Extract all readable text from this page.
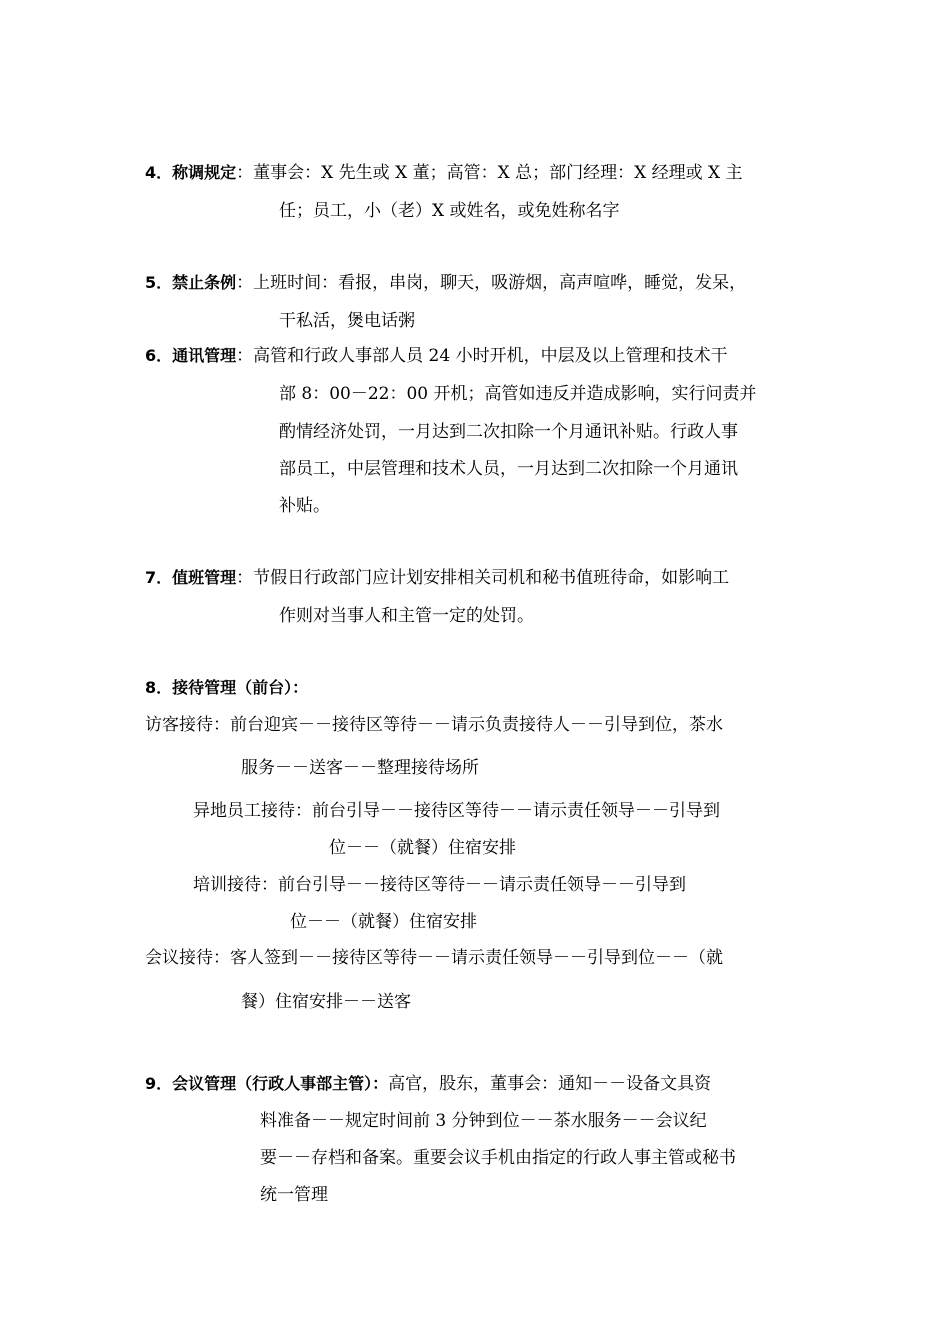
4．称调规定：董事会：X 先生或 X 董；高管：X 总；部门经理：X 经理或 X 主
任；员工，小（老）X 或姓名，或免姓称名字
5．禁止条例：上班时间：看报，串岗，聊天，吸游烟，高声喧哗，睡觉，发呆，
干私活，煲电话粥
6．通讯管理：高管和行政人事部人员 24 小时开机，中层及以上管理和技术干
部 8：00－22：00 开机；高管如违反并造成影响，实行问责并
酌情经济处罚，一月达到二次扣除一个月通讯补贴。行政人事
部员工，中层管理和技术人员，一月达到二次扣除一个月通讯
补贴。
7．值班管理：节假日行政部门应计划安排相关司机和秘书值班待命，如影响工
作则对当事人和主管一定的处罚。
8．接待管理（前台）：
访客接待：前台迎宾－－接待区等待－－请示负责接待人－－引导到位，茶水
服务－－送客－－整理接待场所
异地员工接待：前台引导－－接待区等待－－请示责任领导－－引导到
位－－（就餐）住宿安排
培训接待：前台引导－－接待区等待－－请示责任领导－－引导到
位－－（就餐）住宿安排
会议接待：客人签到－－接待区等待－－请示责任领导－－引导到位－－（就
餐）住宿安排－－送客
9．会议管理（行政人事部主管）：高官，股东，董事会：通知－－设备文具资
料准备－－规定时间前 3 分钟到位－－茶水服务－－会议纪
要－－存档和备案。重要会议手机由指定的行政人事主管或秘书
统一管理
